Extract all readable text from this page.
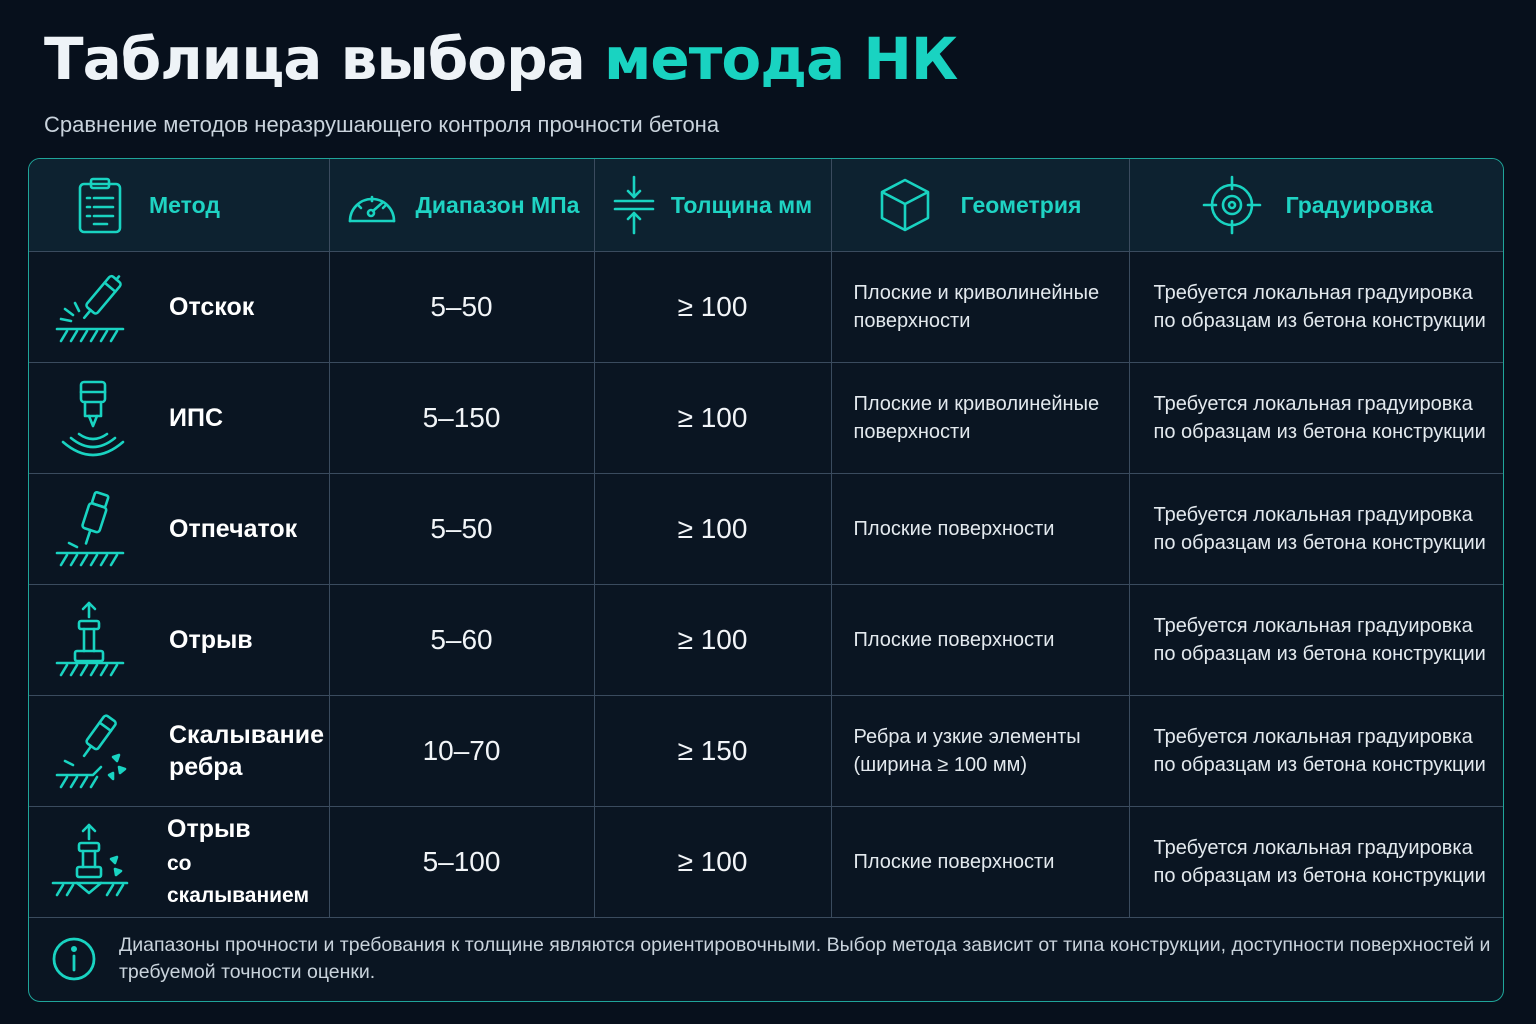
Таблица выбора метода НК

Сравнение методов неразрушающего контроля прочности бетона

Метод	Диапазон МПа	Толщина мм	Геометрия	Градуировка

Отскок	5–50	≥ 100	Плоские и криволинейные поверхности	Требуется локальная градуировка по образцам из бетона конструкции

ИПС	5–150	≥ 100	Плоские и криволинейные поверхности	Требуется локальная градуировка по образцам из бетона конструкции

Отпечаток	5–50	≥ 100	Плоские поверхности	Требуется локальная градуировка по образцам из бетона конструкции

Отрыв	5–60	≥ 100	Плоские поверхности	Требуется локальная градуировка по образцам из бетона конструкции

Скалывание
ребра	10–70	≥ 150	Ребра и узкие элементы (ширина ≥ 100 мм)	Требуется локальная градуировка по образцам из бетона конструкции

Отрыв
со скалыванием	5–100	≥ 100	Плоские поверхности	Требуется локальная градуировка по образцам из бетона конструкции

Диапазоны прочности и требования к толщине являются ориентировочными. Выбор метода зависит от типа конструкции, доступности поверхностей и требуемой точности оценки.
